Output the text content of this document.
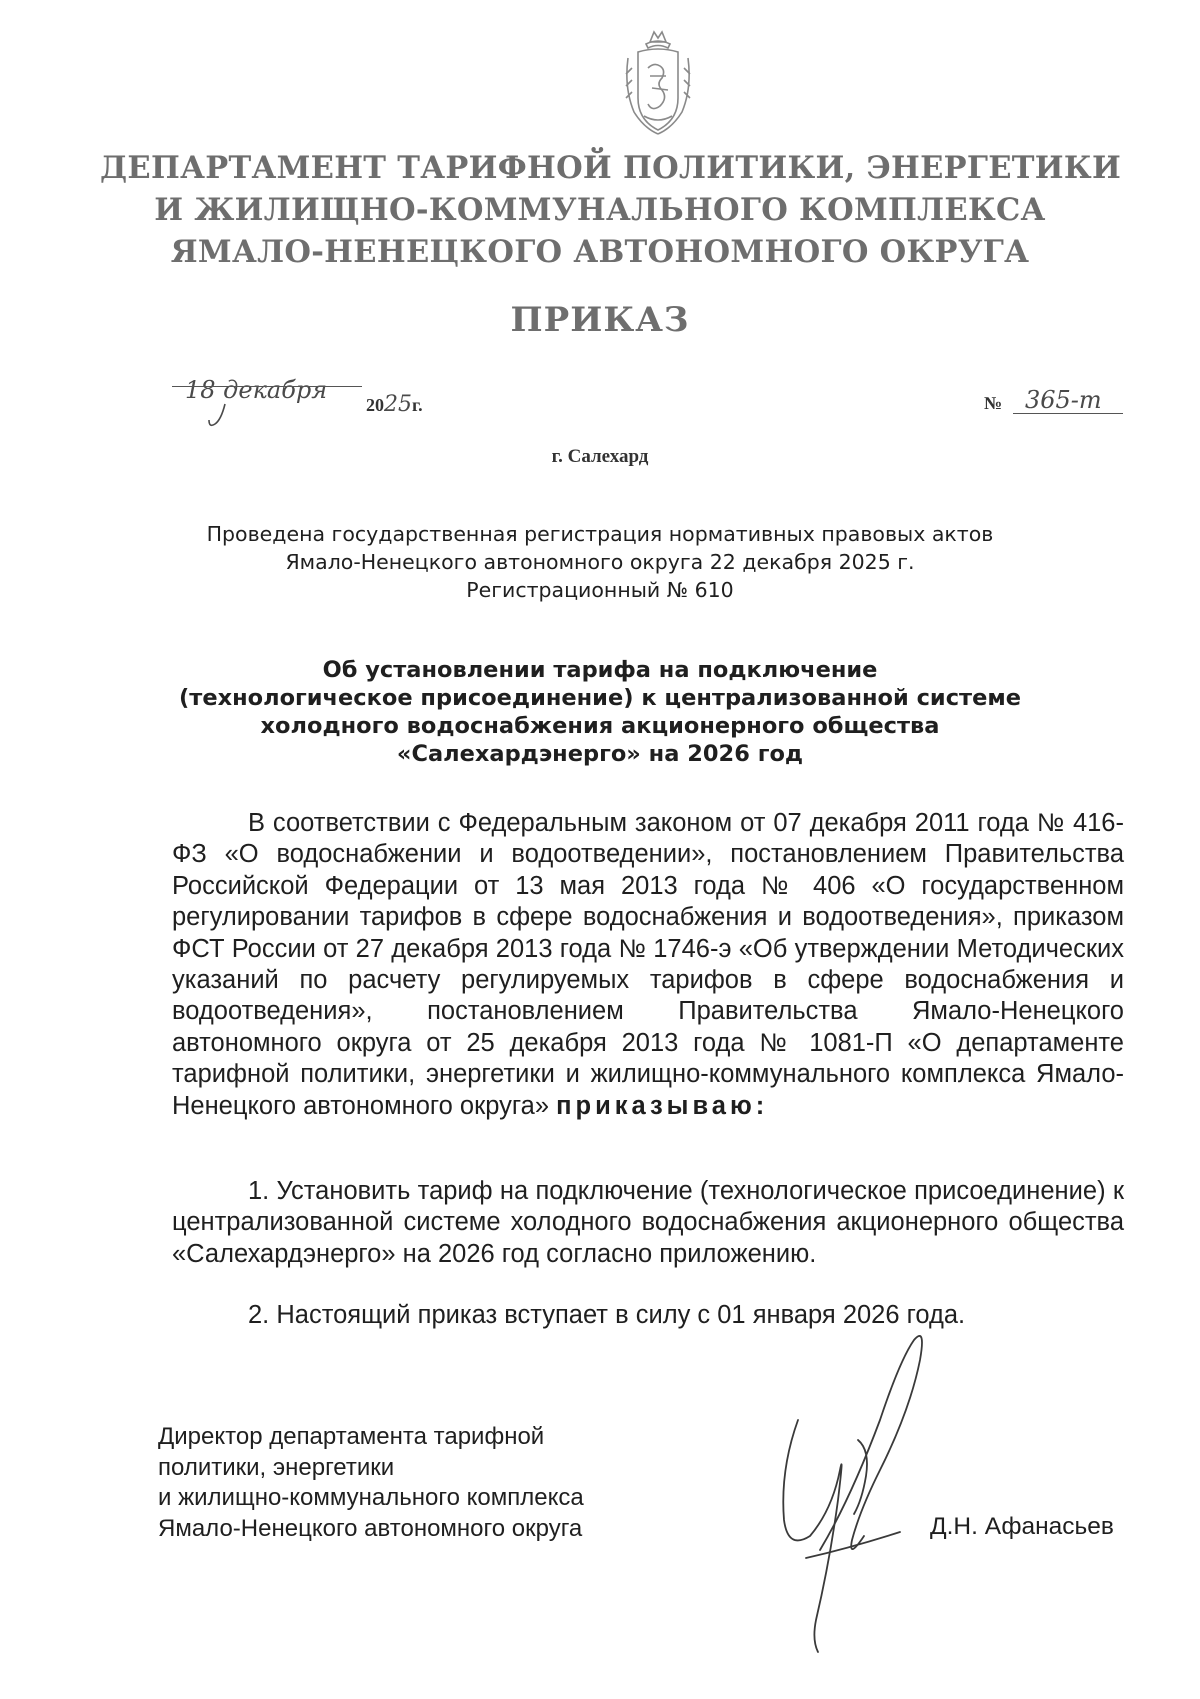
ДЕПАРТАМЕНТ ТАРИФНОЙ ПОЛИТИКИ, ЭНЕРГЕТИКИ
И ЖИЛИЩНО-КОММУНАЛЬНОГО КОМПЛЕКСА
ЯМАЛО-НЕНЕЦКОГО АВТОНОМНОГО ОКРУГА
ПРИКАЗ
18 декабря
2025г.	№ 365-т
г. Салехард
Проведена государственная регистрация нормативных правовых актов
Ямало-Ненецкого автономного округа 22 декабря 2025 г.
Регистрационный № 610
Об установлении тарифа на подключение
(технологическое присоединение) к централизованной системе
холодного водоснабжения акционерного общества
«Салехардэнерго» на 2026 год
В соответствии с Федеральным законом от 07 декабря 2011 года № 416-ФЗ «О водоснабжении и водоотведении», постановлением Правительства Российской Федерации от 13 мая 2013 года № 406 «О государственном регулировании тарифов в сфере водоснабжения и водоотведения», приказом ФСТ России от 27 декабря 2013 года № 1746-э «Об утверждении Методических указаний по расчету регулируемых тарифов в сфере водоснабжения и водоотведения», постановлением Правительства Ямало-Ненецкого автономного округа от 25 декабря 2013 года № 1081-П «О департаменте тарифной политики, энергетики и жилищно-коммунального комплекса Ямало-Ненецкого автономного округа» приказываю:
1. Установить тариф на подключение (технологическое присоединение) к централизованной системе холодного водоснабжения акционерного общества «Салехардэнерго» на 2026 год согласно приложению.
2. Настоящий приказ вступает в силу с 01 января 2026 года.
Директор департамента тарифной
политики, энергетики
и жилищно-коммунального комплекса
Ямало-Ненецкого автономного округа	Д.Н. Афанасьев
